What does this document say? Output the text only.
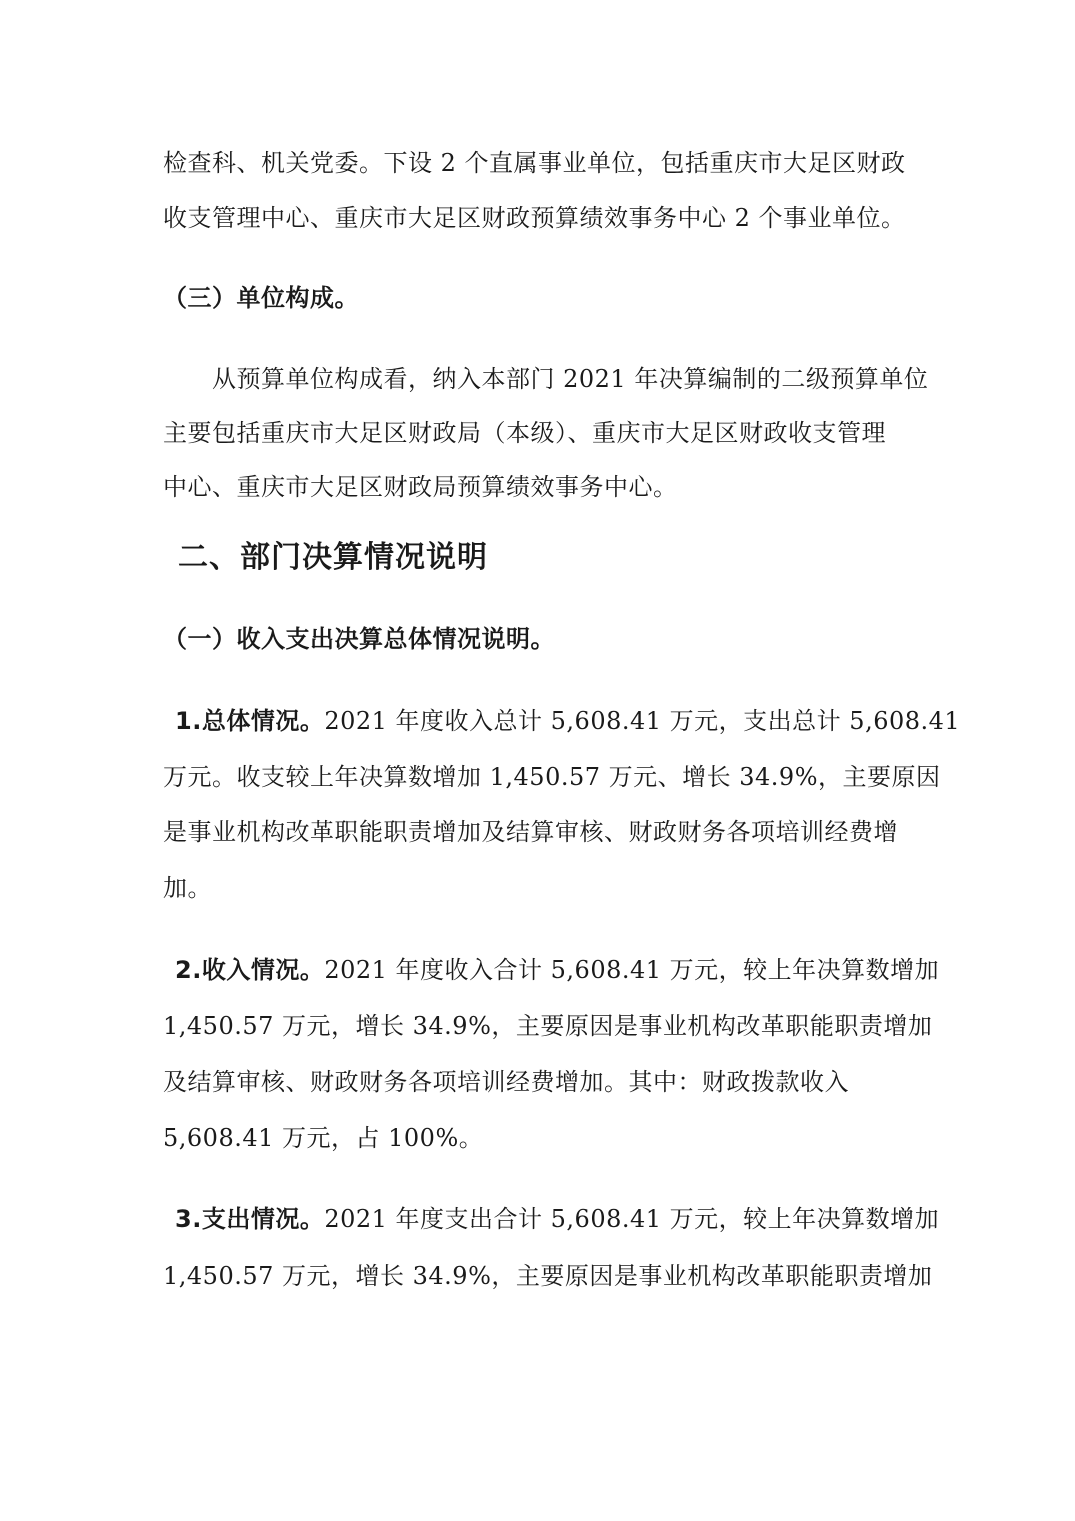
检查科、机关党委。下设 2 个直属事业单位，包括重庆市大足区财政
收支管理中心、重庆市大足区财政预算绩效事务中心 2 个事业单位。
（三）单位构成。
从预算单位构成看，纳入本部门 2021 年决算编制的二级预算单位
主要包括重庆市大足区财政局（本级）、重庆市大足区财政收支管理
中心、重庆市大足区财政局预算绩效事务中心。
二、部门决算情况说明
（一）收入支出决算总体情况说明。
1.总体情况。2021 年度收入总计 5,608.41 万元，支出总计 5,608.41
万元。收支较上年决算数增加 1,450.57 万元、增长 34.9%，主要原因
是事业机构改革职能职责增加及结算审核、财政财务各项培训经费增
加。
2.收入情况。2021 年度收入合计 5,608.41 万元，较上年决算数增加
1,450.57 万元，增长 34.9%，主要原因是事业机构改革职能职责增加
及结算审核、财政财务各项培训经费增加。其中：财政拨款收入
5,608.41 万元，占 100%。
3.支出情况。2021 年度支出合计 5,608.41 万元，较上年决算数增加
1,450.57 万元，增长 34.9%，主要原因是事业机构改革职能职责增加
